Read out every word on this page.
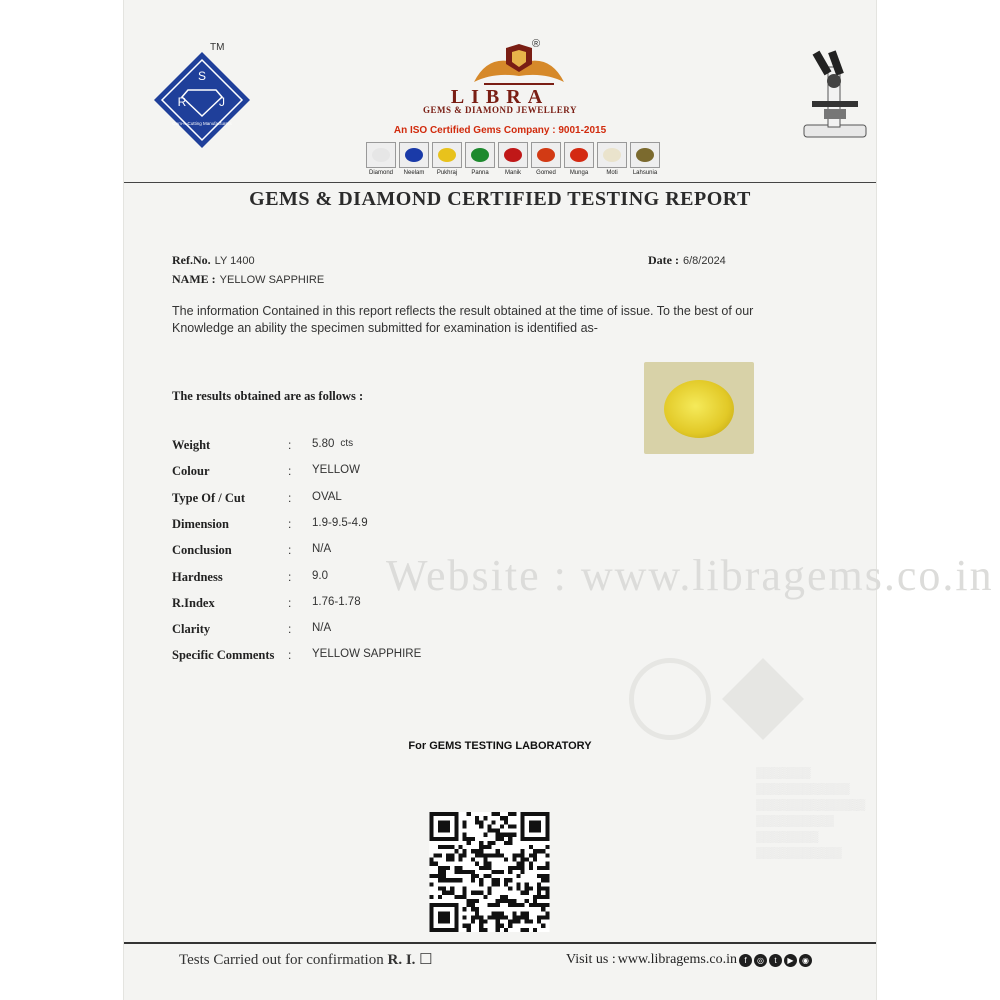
Website : www.libragems.co.in
▒▒▒▒▒▒▒
▒▒▒▒▒▒▒▒▒▒▒▒
▒▒▒▒▒▒▒▒▒▒▒▒▒▒
▒▒▒▒▒▒▒▒▒▒
▒▒▒▒▒▒▒▒
▒▒▒▒▒▒▒▒▒▒▒
S
R	J
Gem-n-Cutting Manufacturers
TM	®
LIBRA
GEMS & DIAMOND JEWELLERY
An ISO Certified Gems Company : 9001-2015
Diamond Neelam Pukhraj Panna	Manik	Gomed Munga	Moti	Lahsunia
GEMS & DIAMOND CERTIFIED TESTING REPORT
Ref.No. LY 1400	Date : 6/8/2024
NAME : YELLOW SAPPHIRE
The information Contained in this report reflects the result obtained at the time of issue. To the best of our Knowledge an ability the specimen submitted for examination is identified as-
The results obtained are as follows :
Weight	:	5.80 cts
Colour	:	YELLOW
Type Of / Cut	:	OVAL
Dimension	:	1.9-9.5-4.9
Conclusion	:	N/A
Hardness	:	9.0
R.Index	:	1.76-1.78
Clarity	:	N/A
Specific Comments	:	YELLOW SAPPHIRE
For GEMS TESTING LABORATORY
Tests Carried out for confirmation R. I. ☐	Visit us : www.libragems.co.in f	◎	t	▶	◉
